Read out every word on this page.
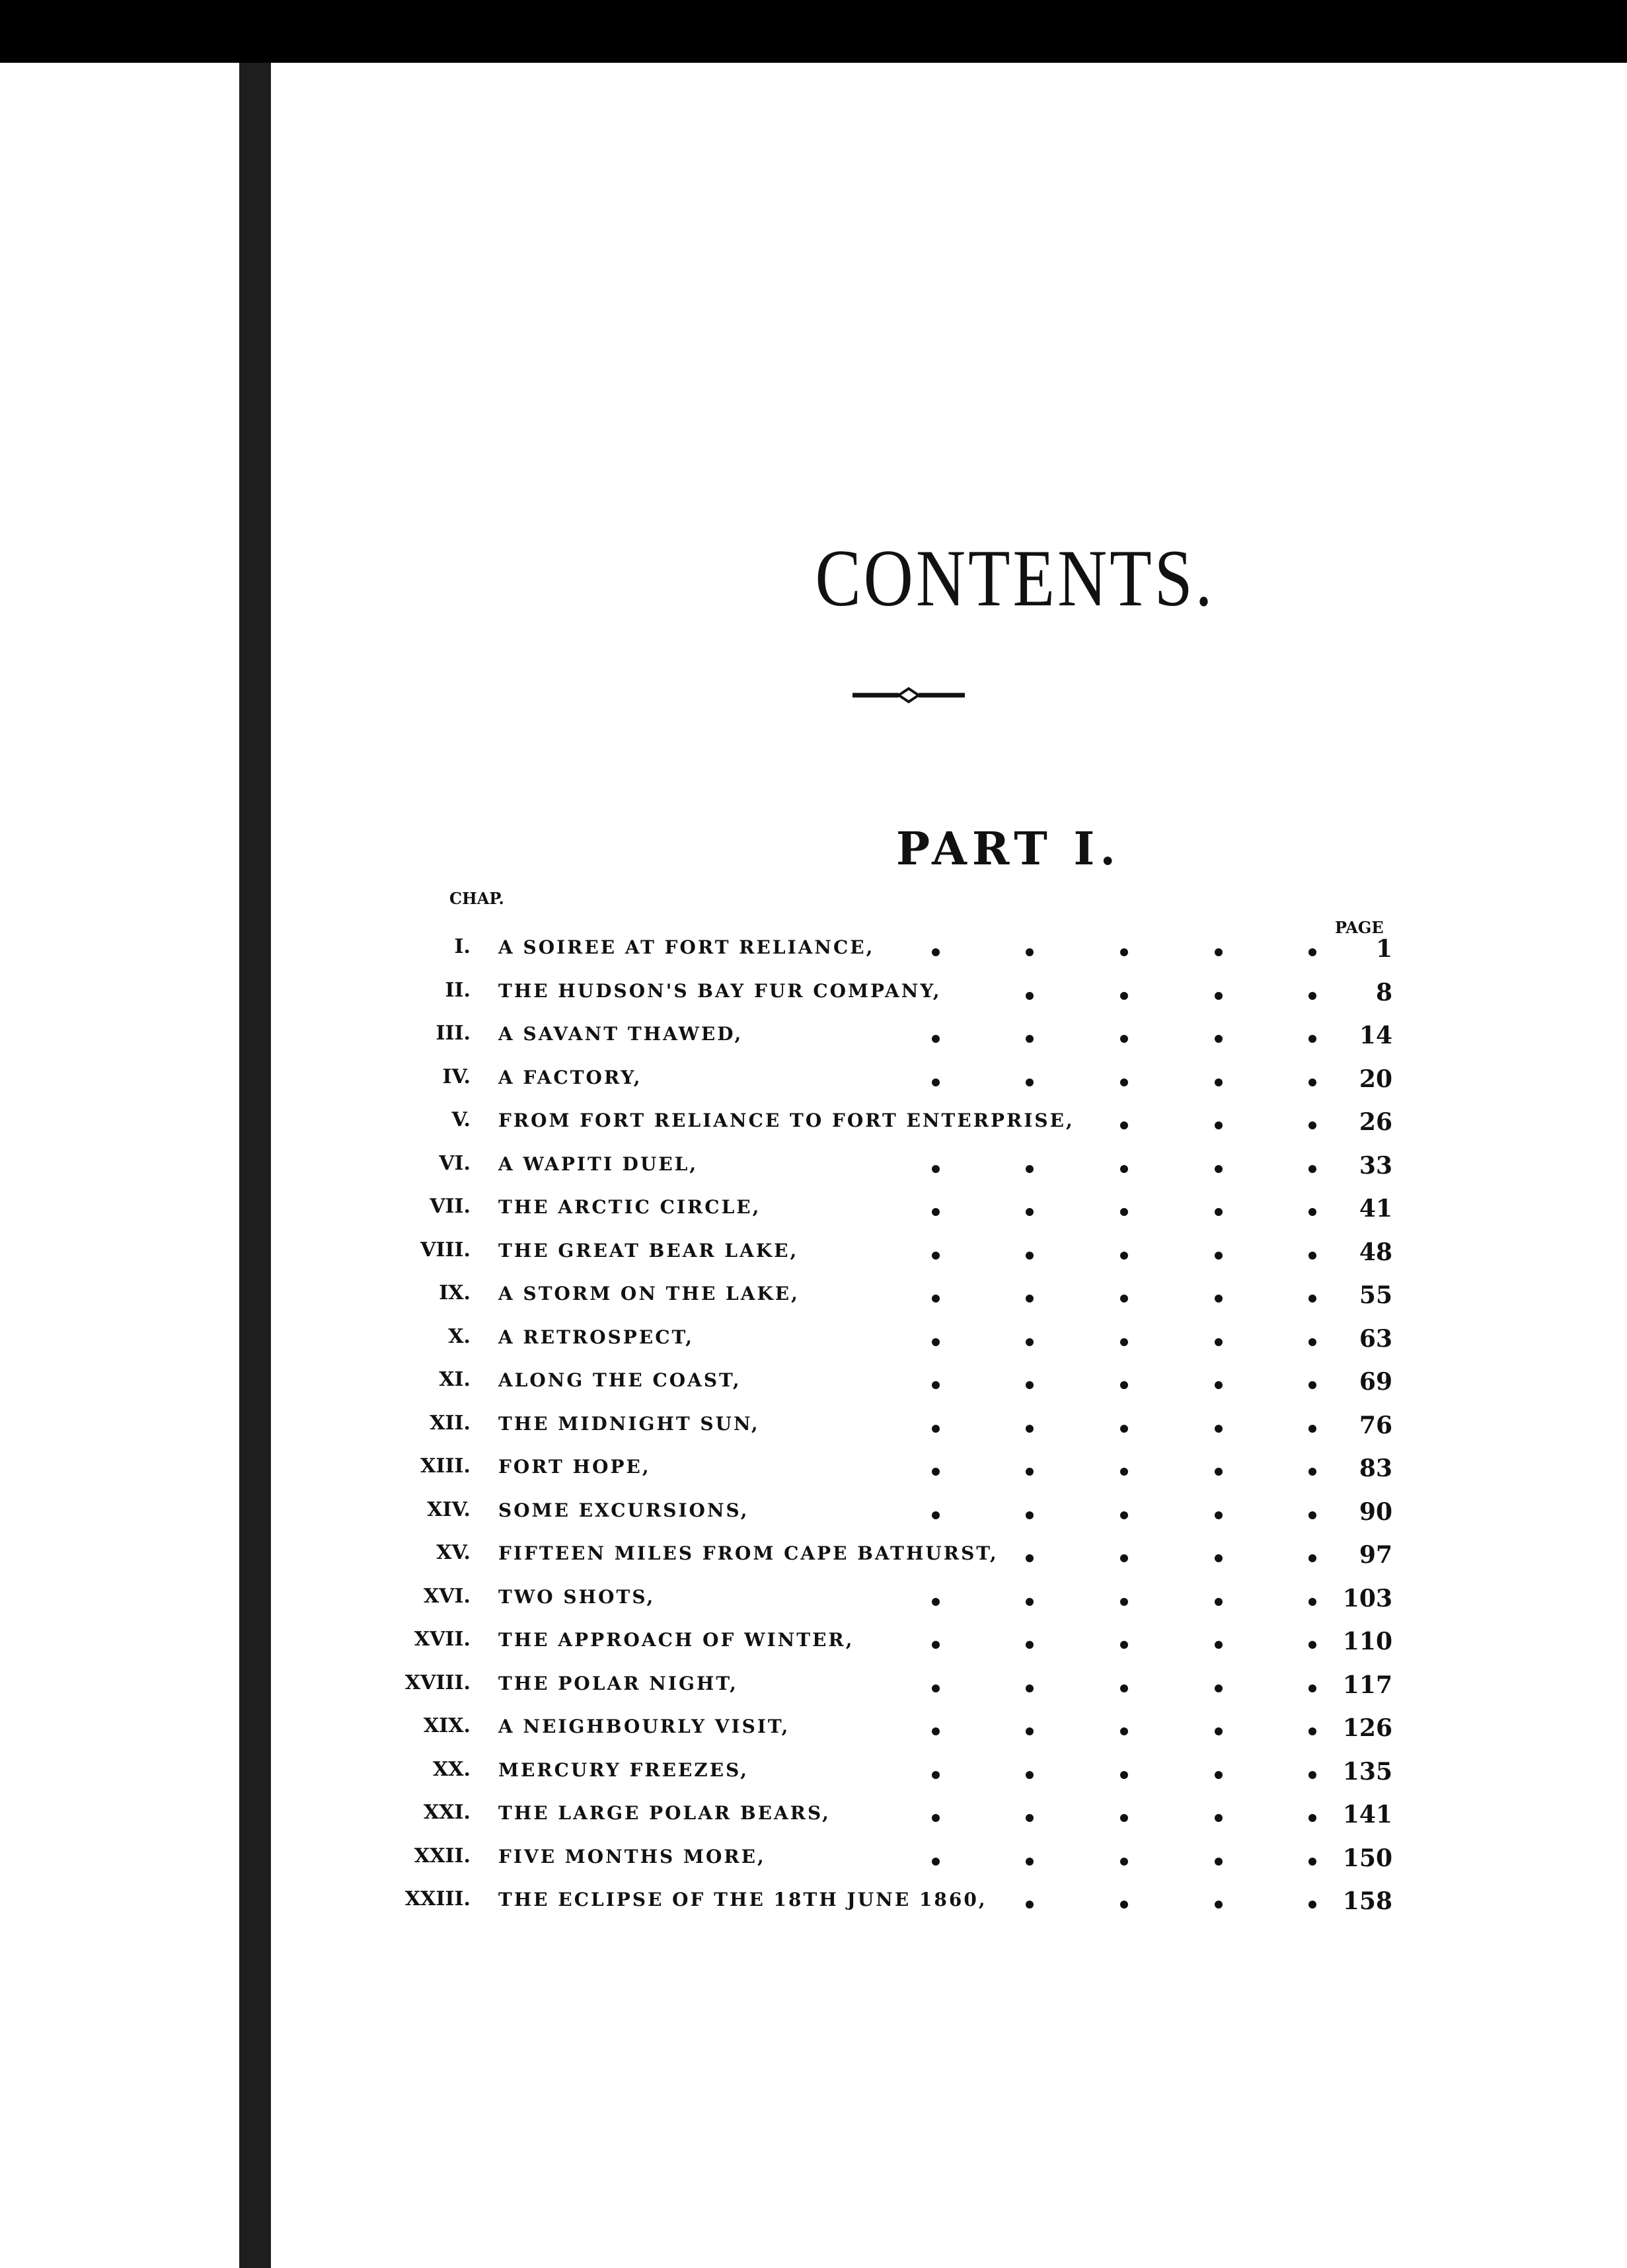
CONTENTS.
PART I.
CHAP.
PAGE
I. A SOIREE AT FORT RELIANCE,	1
II. THE HUDSON'S BAY FUR COMPANY,	8
III. A SAVANT THAWED,	14
IV. A FACTORY,	20
V. FROM FORT RELIANCE TO FORT ENTERPRISE,	26
VI. A WAPITI DUEL,	33
VII. THE ARCTIC CIRCLE,	41
VIII. THE GREAT BEAR LAKE,	48
IX. A STORM ON THE LAKE,	55
X. A RETROSPECT,	63
XI. ALONG THE COAST,	69
XII. THE MIDNIGHT SUN,	76
XIII. FORT HOPE,	83
XIV. SOME EXCURSIONS,	90
XV. FIFTEEN MILES FROM CAPE BATHURST,	97
XVI. TWO SHOTS,	103
XVII. THE APPROACH OF WINTER,	110
XVIII. THE POLAR NIGHT,	117
XIX. A NEIGHBOURLY VISIT,	126
XX. MERCURY FREEZES,	135
XXI. THE LARGE POLAR BEARS,	141
XXII. FIVE MONTHS MORE,	150
XXIII. THE ECLIPSE OF THE 18TH JUNE 1860,	158
